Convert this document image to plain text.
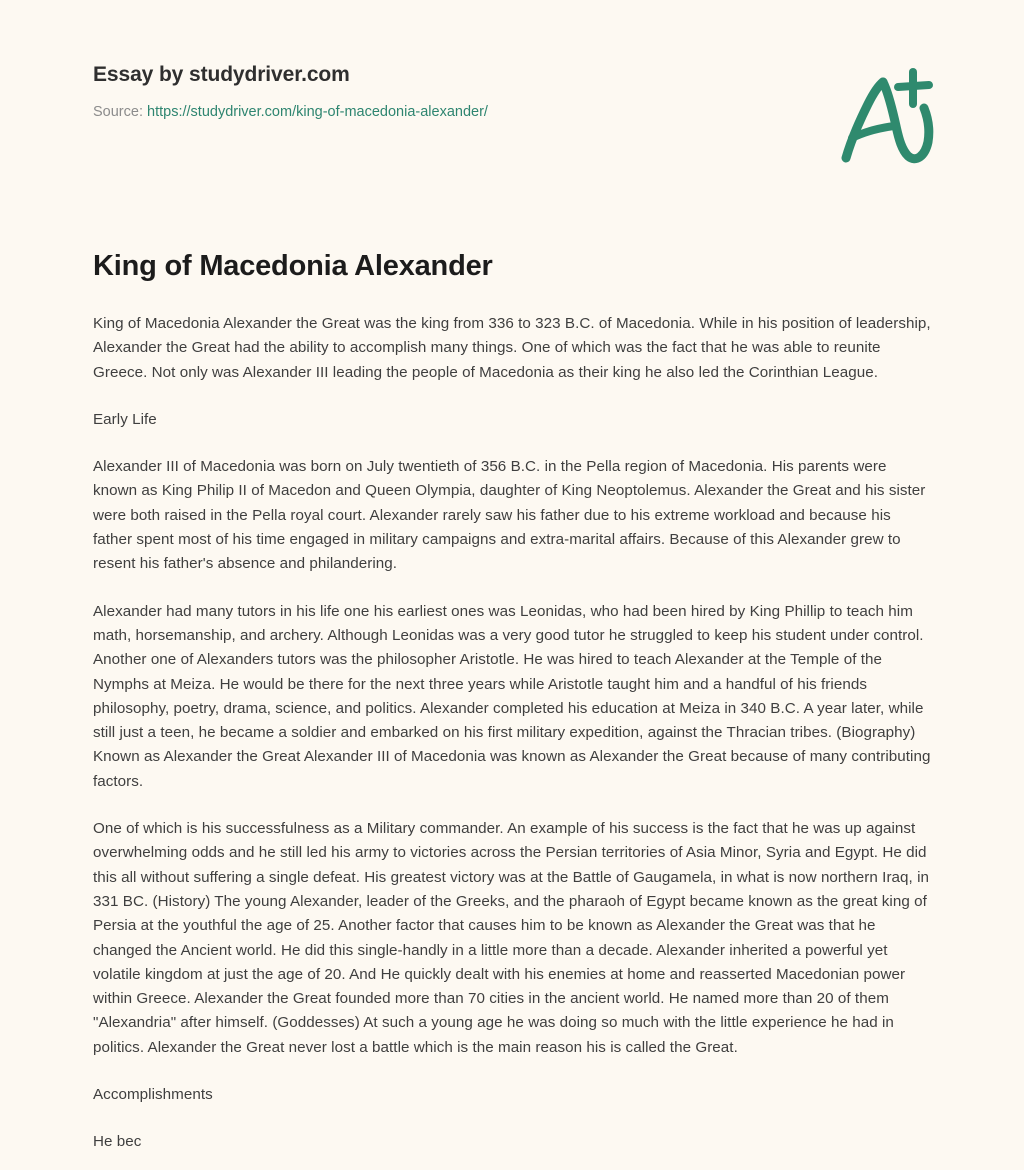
Essay by studydriver.com

Source: https://studydriver.com/king-of-macedonia-alexander/
King of Macedonia Alexander

King of Macedonia Alexander the Great was the king from 336 to 323 B.C. of Macedonia. While in his position of leadership, Alexander the Great had the ability to accomplish many things. One of which was the fact that he was able to reunite Greece. Not only was Alexander III leading the people of Macedonia as their king he also led the Corinthian League.

Early Life

Alexander III of Macedonia was born on July twentieth of 356 B.C. in the Pella region of Macedonia. His parents were known as King Philip II of Macedon and Queen Olympia, daughter of King Neoptolemus. Alexander the Great and his sister were both raised in the Pella royal court. Alexander rarely saw his father due to his extreme workload and because his father spent most of his time engaged in military campaigns and extra-marital affairs. Because of this Alexander grew to resent his father's absence and philandering.

Alexander had many tutors in his life one his earliest ones was Leonidas, who had been hired by King Phillip to teach him math, horsemanship, and archery. Although Leonidas was a very good tutor he struggled to keep his student under control. Another one of Alexanders tutors was the philosopher Aristotle. He was hired to teach Alexander at the Temple of the Nymphs at Meiza. He would be there for the next three years while Aristotle taught him and a handful of his friends philosophy, poetry, drama, science, and politics. Alexander completed his education at Meiza in 340 B.C. A year later, while still just a teen, he became a soldier and embarked on his first military expedition, against the Thracian tribes. (Biography) Known as Alexander the Great Alexander III of Macedonia was known as Alexander the Great because of many contributing factors.

One of which is his successfulness as a Military commander. An example of his success is the fact that he was up against overwhelming odds and he still led his army to victories across the Persian territories of Asia Minor, Syria and Egypt. He did this all without suffering a single defeat. His greatest victory was at the Battle of Gaugamela, in what is now northern Iraq, in 331 BC. (History) The young Alexander, leader of the Greeks, and the pharaoh of Egypt became known as the great king of Persia at the youthful the age of 25. Another factor that causes him to be known as Alexander the Great was that he changed the Ancient world. He did this single-handly in a little more than a decade. Alexander inherited a powerful yet volatile kingdom at just the age of 20. And He quickly dealt with his enemies at home and reasserted Macedonian power within Greece. Alexander the Great founded more than 70 cities in the ancient world. He named more than 20 of them "Alexandria" after himself. (Goddesses) At such a young age he was doing so much with the little experience he had in politics. Alexander the Great never lost a battle which is the main reason his is called the Great.

Accomplishments

He bec
